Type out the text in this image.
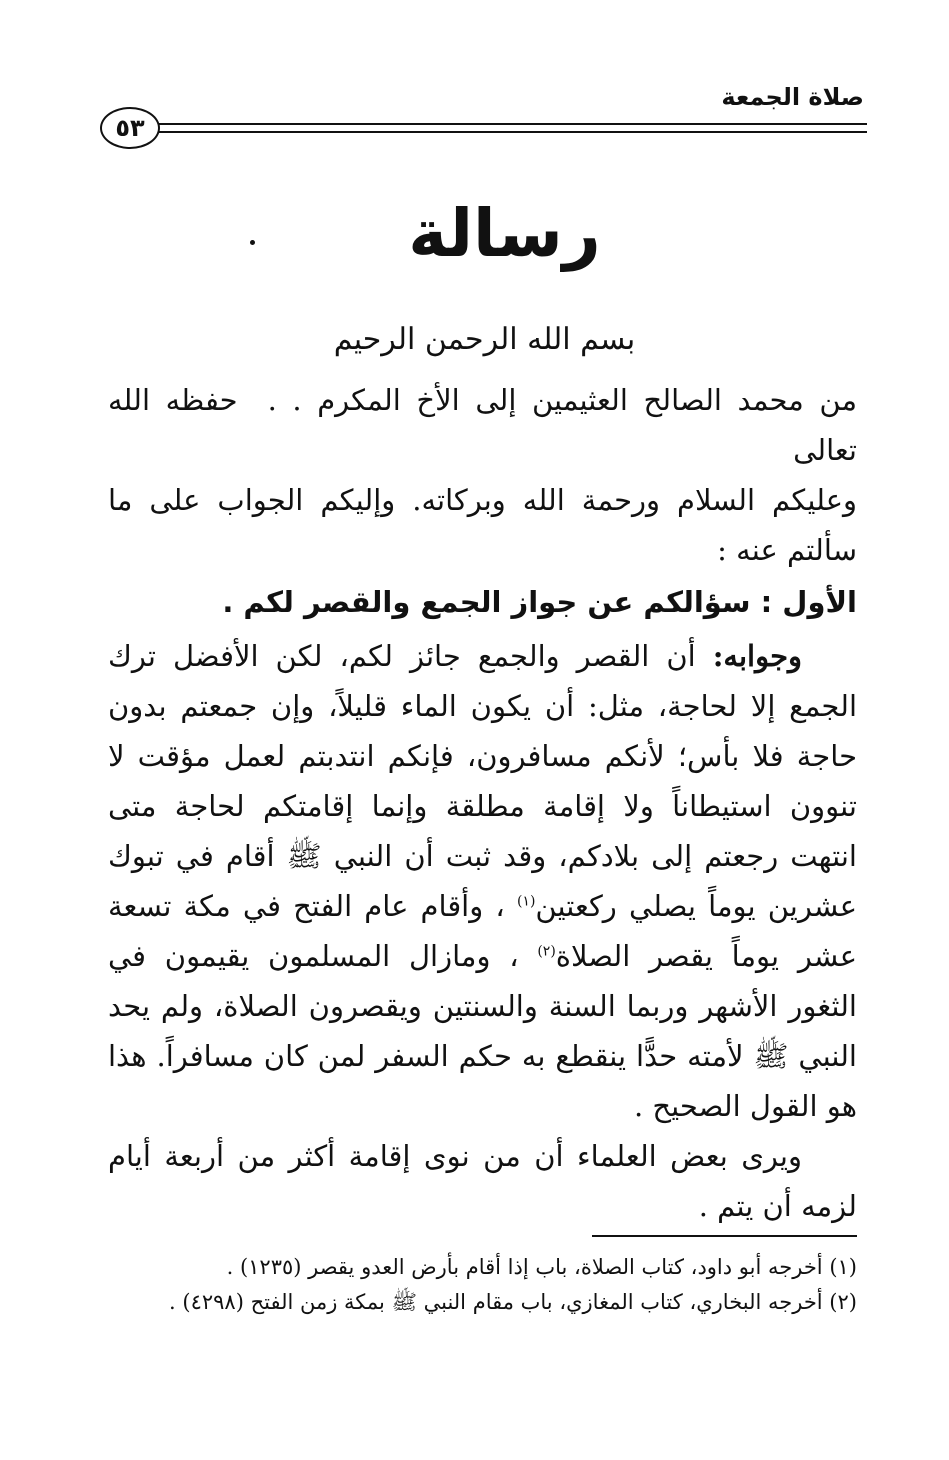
صلاة الجمعة
٥٣
رسالة
بسم الله الرحمن الرحيم

من محمد الصالح العثيمين إلى الأخ المكرم . .حفظه الله تعالى

وعليكم السلام ورحمة الله وبركاته. وإليكم الجواب على ما سألتم عنه :

الأول : سؤالكم عن جواز الجمع والقصر لكم .

وجوابه: أن القصر والجمع جائز لكم، لكن الأفضل ترك الجمع إلا لحاجة، مثل: أن يكون الماء قليلاً، وإن جمعتم بدون حاجة فلا بأس؛ لأنكم مسافرون، فإنكم انتدبتم لعمل مؤقت لا تنوون استيطاناً ولا إقامة مطلقة وإنما إقامتكم لحاجة متى انتهت رجعتم إلى بلادكم، وقد ثبت أن النبي ﷺ أقام في تبوك عشرين يوماً يصلي ركعتين$^{(١)}$ ، وأقام عام الفتح في مكة تسعة عشر يوماً يقصر الصلاة$^{(٢)}$ ، ومازال المسلمون يقيمون في الثغور الأشهر وربما السنة والسنتين ويقصرون الصلاة، ولم يحد النبي ﷺ لأمته حدًّا ينقطع به حكم السفر لمن كان مسافراً. هذا هو القول الصحيح .

ويرى بعض العلماء أن من نوى إقامة أكثر من أربعة أيام لزمه أن يتم .

(١) أخرجه أبو داود، كتاب الصلاة، باب إذا أقام بأرض العدو يقصر (١٢٣٥) .

(٢) أخرجه البخاري، كتاب المغازي، باب مقام النبي ﷺ بمكة زمن الفتح (٤٢٩٨) .
